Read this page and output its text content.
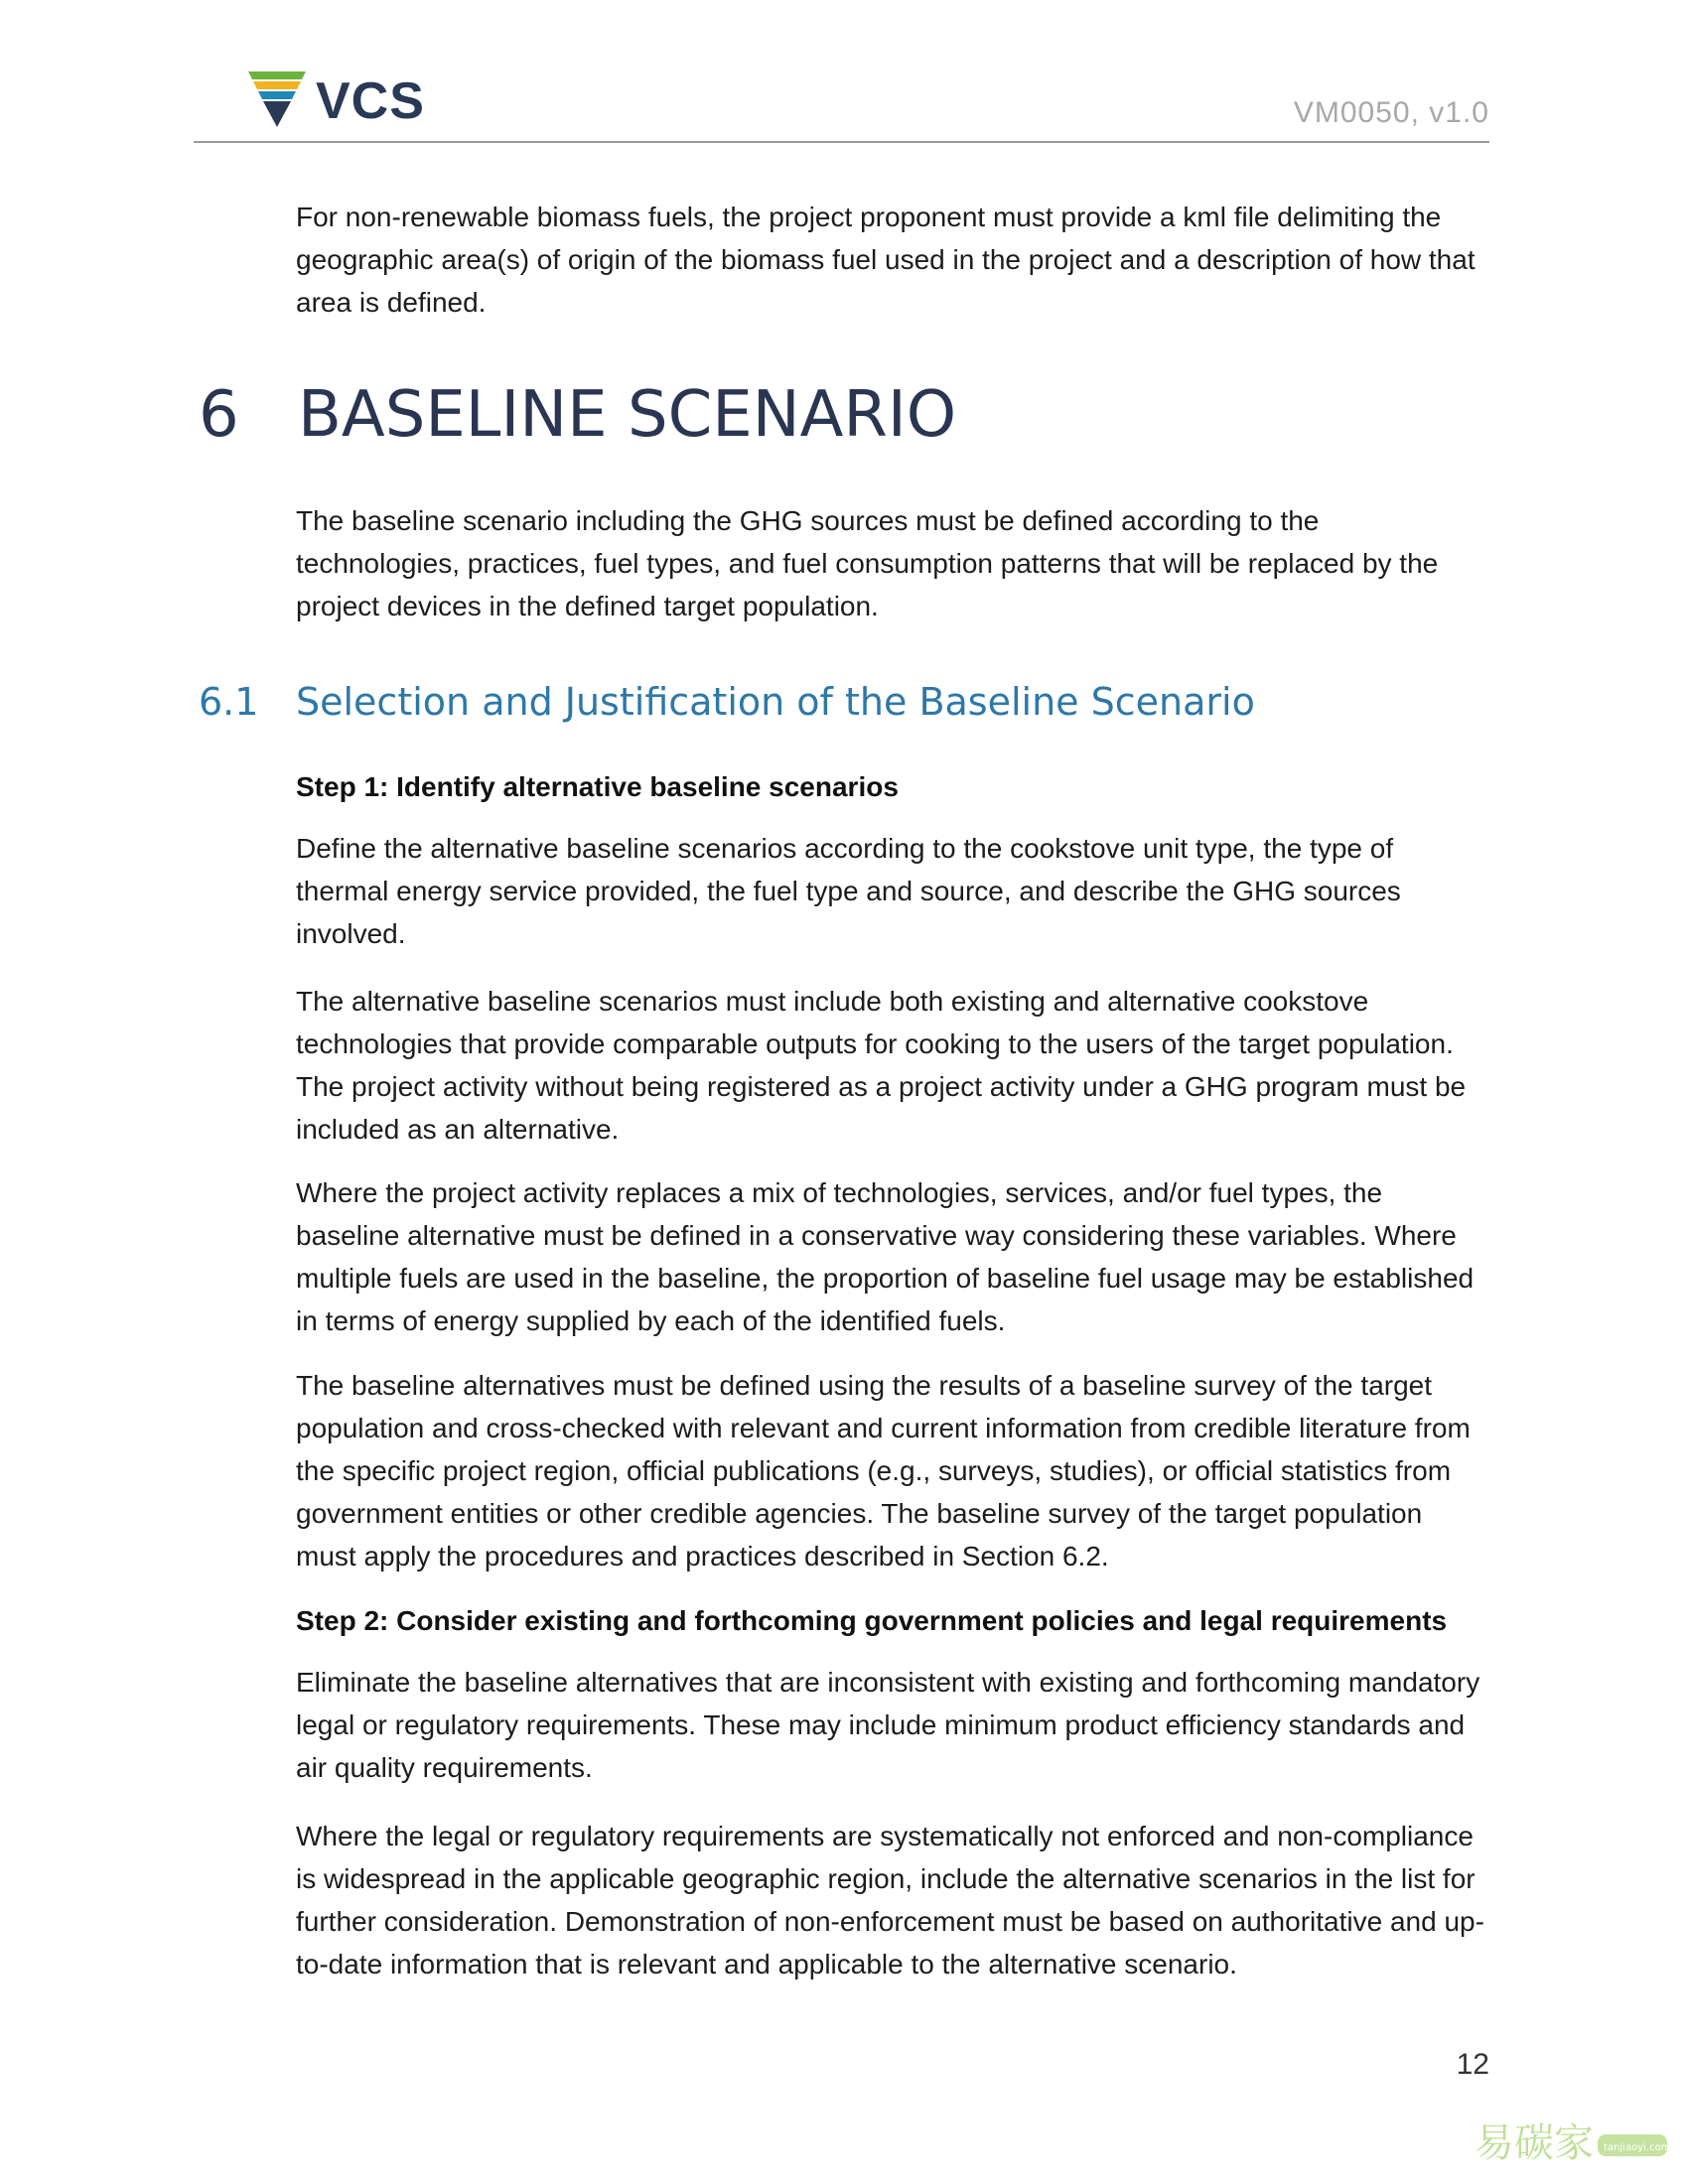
VCS	VM0050, v1.0

For non-renewable biomass fuels, the project proponent must provide a kml file delimiting the geographic area(s) of origin of the biomass fuel used in the project and a description of how that area is defined.

6 BASELINE SCENARIO

The baseline scenario including the GHG sources must be defined according to the technologies, practices, fuel types, and fuel consumption patterns that will be replaced by the project devices in the defined target population.

6.1 Selection and Justification of the Baseline Scenario

Step 1: Identify alternative baseline scenarios

Define the alternative baseline scenarios according to the cookstove unit type, the type of thermal energy service provided, the fuel type and source, and describe the GHG sources involved.

The alternative baseline scenarios must include both existing and alternative cookstove technologies that provide comparable outputs for cooking to the users of the target population. The project activity without being registered as a project activity under a GHG program must be included as an alternative.

Where the project activity replaces a mix of technologies, services, and/or fuel types, the baseline alternative must be defined in a conservative way considering these variables. Where multiple fuels are used in the baseline, the proportion of baseline fuel usage may be established in terms of energy supplied by each of the identified fuels.

The baseline alternatives must be defined using the results of a baseline survey of the target population and cross-checked with relevant and current information from credible literature from the specific project region, official publications (e.g., surveys, studies), or official statistics from government entities or other credible agencies. The baseline survey of the target population must apply the procedures and practices described in Section 6.2.

Step 2: Consider existing and forthcoming government policies and legal requirements

Eliminate the baseline alternatives that are inconsistent with existing and forthcoming mandatory legal or regulatory requirements. These may include minimum product efficiency standards and air quality requirements.

Where the legal or regulatory requirements are systematically not enforced and non-compliance is widespread in the applicable geographic region, include the alternative scenarios in the list for further consideration. Demonstration of non-enforcement must be based on authoritative and up-to-date information that is relevant and applicable to the alternative scenario.

12
易碳家 tanjiaoyi.com
